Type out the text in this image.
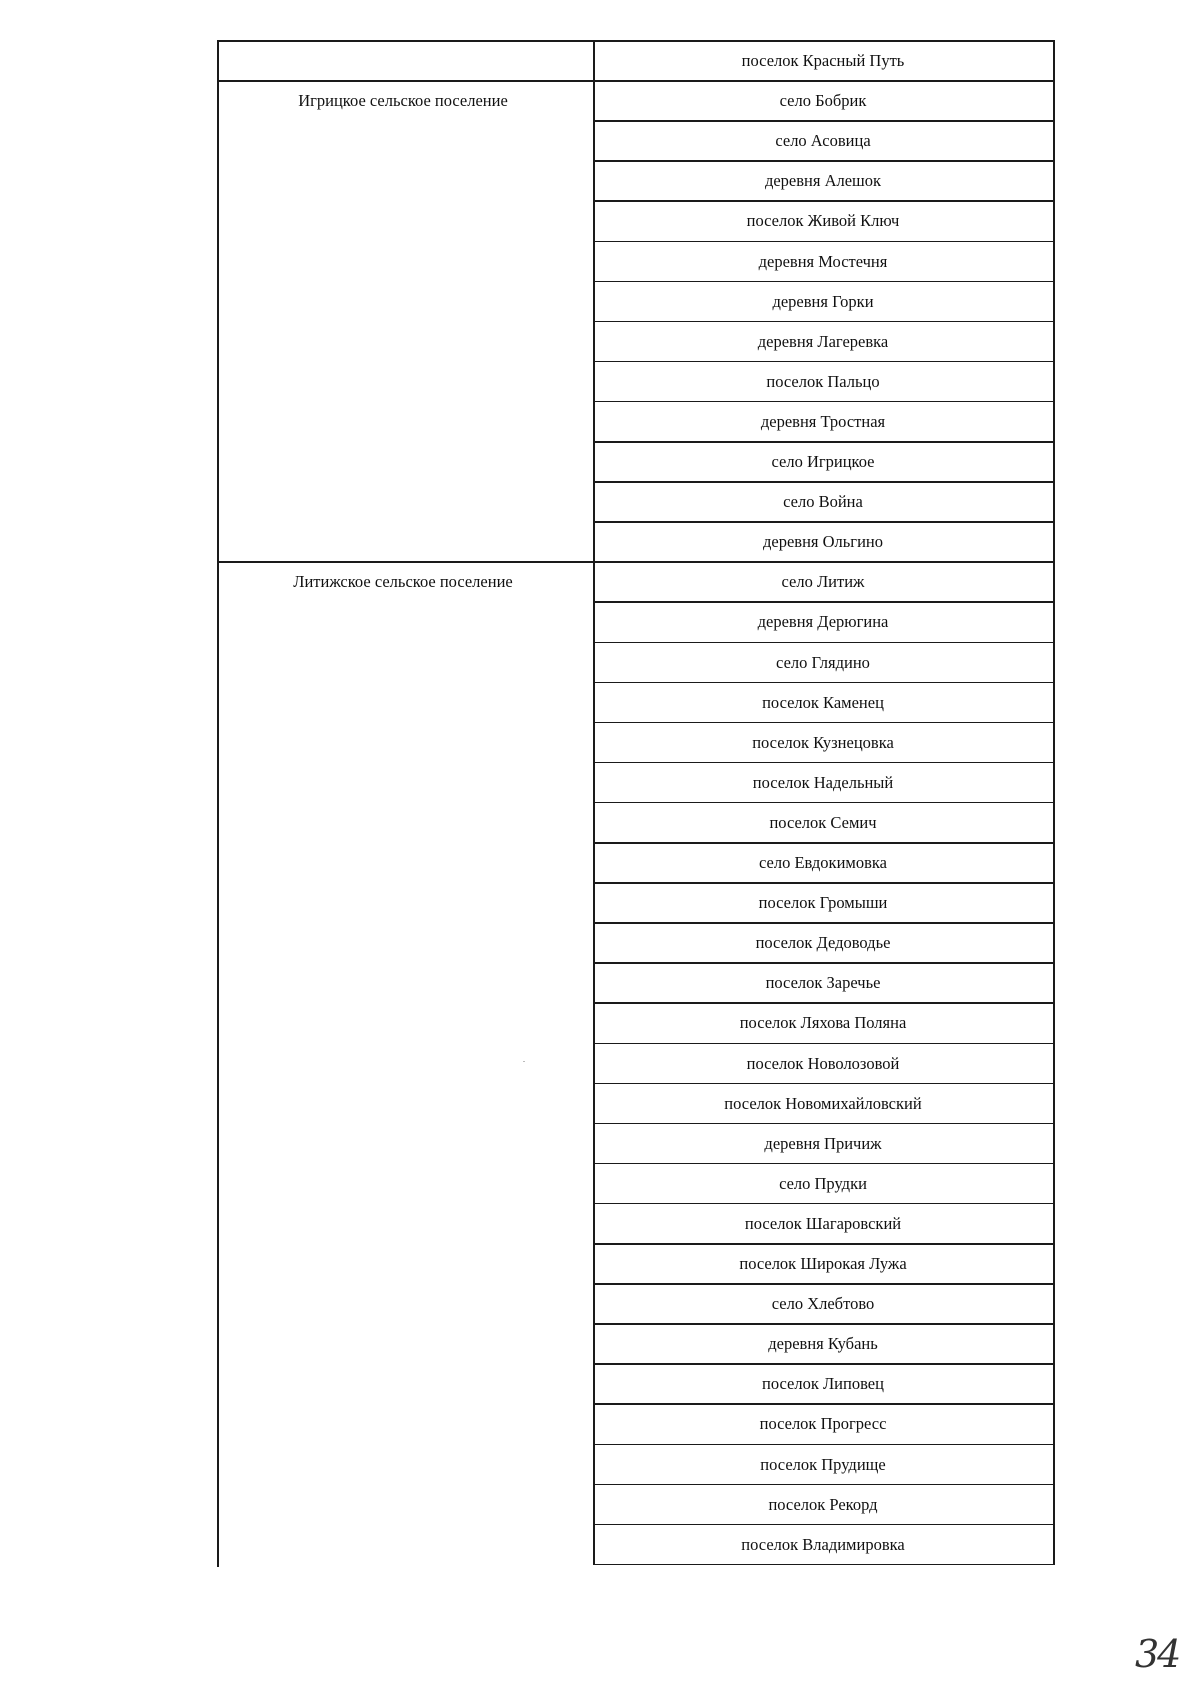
поселок Красный Путь
Игрицкое сельское поселение	село Бобрик
село Асовица
деревня Алешок
поселок Живой Ключ
деревня Мостечня
деревня Горки
деревня Лагеревка
поселок Пальцо
деревня Тростная
село Игрицкое
село Война
деревня Ольгино
Литижское сельское поселение	село Литиж
деревня Дерюгина
село Глядино
поселок Каменец
поселок Кузнецовка
поселок Надельный
поселок Семич
село Евдокимовка
поселок Громыши
поселок Дедоводье
поселок Заречье
поселок Ляхова Поляна
поселок Новолозовой
поселок Новомихайловский
деревня Причиж
село Прудки
поселок Шагаровский
поселок Широкая Лужа
село Хлебтово
деревня Кубань
поселок Липовец
поселок Прогресс
поселок Прудище
поселок Рекорд
поселок Владимировка
34
